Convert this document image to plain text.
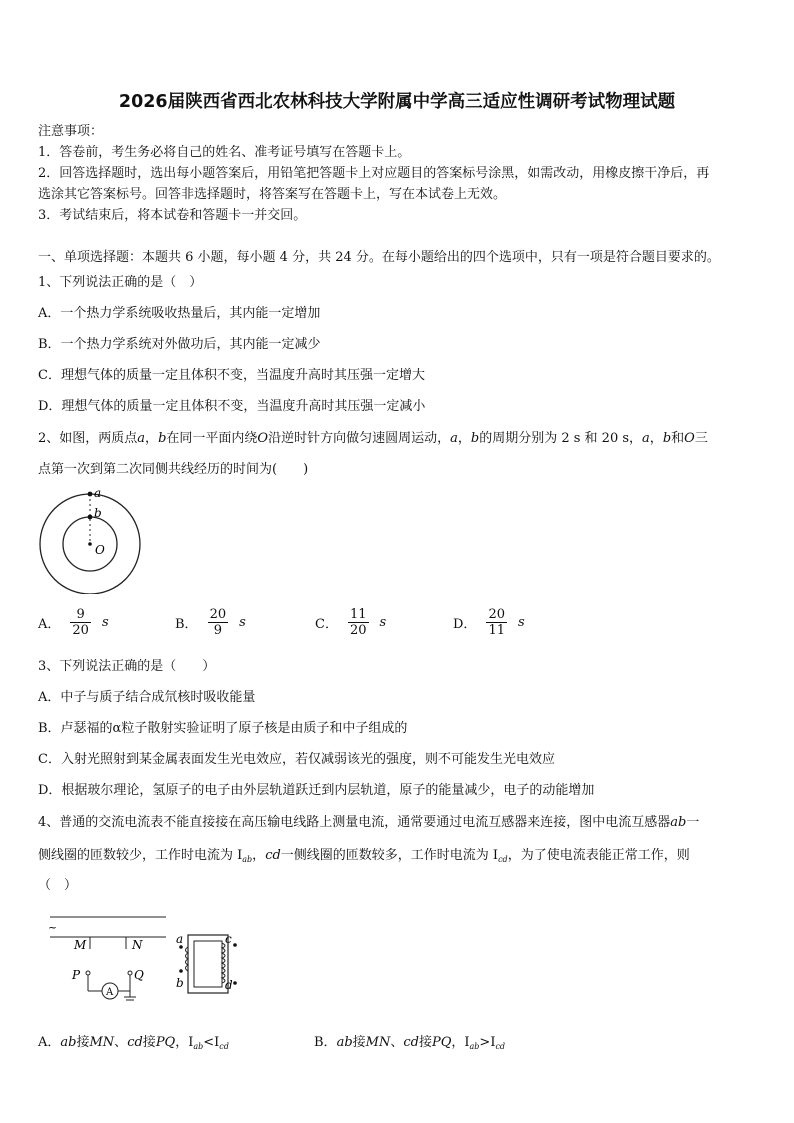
2026届陕西省西北农林科技大学附属中学高三适应性调研考试物理试题
注意事项：
1．答卷前，考生务必将自己的姓名、准考证号填写在答题卡上。
2．回答选择题时，选出每小题答案后，用铅笔把答题卡上对应题目的答案标号涂黑，如需改动，用橡皮擦干净后，再
选涂其它答案标号。回答非选择题时，将答案写在答题卡上，写在本试卷上无效。
3．考试结束后，将本试卷和答题卡一并交回。
一、单项选择题：本题共 6 小题，每小题 4 分，共 24 分。在每小题给出的四个选项中，只有一项是符合题目要求的。
1、下列说法正确的是（　）
A．一个热力学系统吸收热量后，其内能一定增加
B．一个热力学系统对外做功后，其内能一定减少
C．理想气体的质量一定且体积不变，当温度升高时其压强一定增大
D．理想气体的质量一定且体积不变，当温度升高时其压强一定减小
2、如图，两质点a，b在同一平面内绕O沿逆时针方向做匀速圆周运动，a，b的周期分别为 2 s 和 20 s，a，b和O三
点第一次到第二次同侧共线经历的时间为(　　)
a
b
O
A． $\frac{9}{20}$ s	B． $\frac{20}{9}$ s	C． $\frac{11}{20}$ s	D． $\frac{20}{11}$ s
3、下列说法正确的是（　　）
A．中子与质子结合成氘核时吸收能量
B．卢瑟福的α粒子散射实验证明了原子核是由质子和中子组成的
C．入射光照射到某金属表面发生光电效应，若仅减弱该光的强度，则不可能发生光电效应
D．根据玻尔理论，氢原子的电子由外层轨道跃迁到内层轨道，原子的能量减少，电子的动能增加
4、普通的交流电流表不能直接接在高压输电线路上测量电流，通常要通过电流互感器来连接，图中电流互感器ab一
侧线圈的匝数较少，工作时电流为 $I_{ab}$，cd一侧线圈的匝数较多，工作时电流为 $I_{cd}$，为了使电流表能正常工作，则
（　）
~
M	N
P	Q
A
a
b
c
d
A．ab接MN、cd接PQ，$I_{ab}<I_{cd}$	B．ab接MN、cd接PQ，$I_{ab}>I_{cd}$
